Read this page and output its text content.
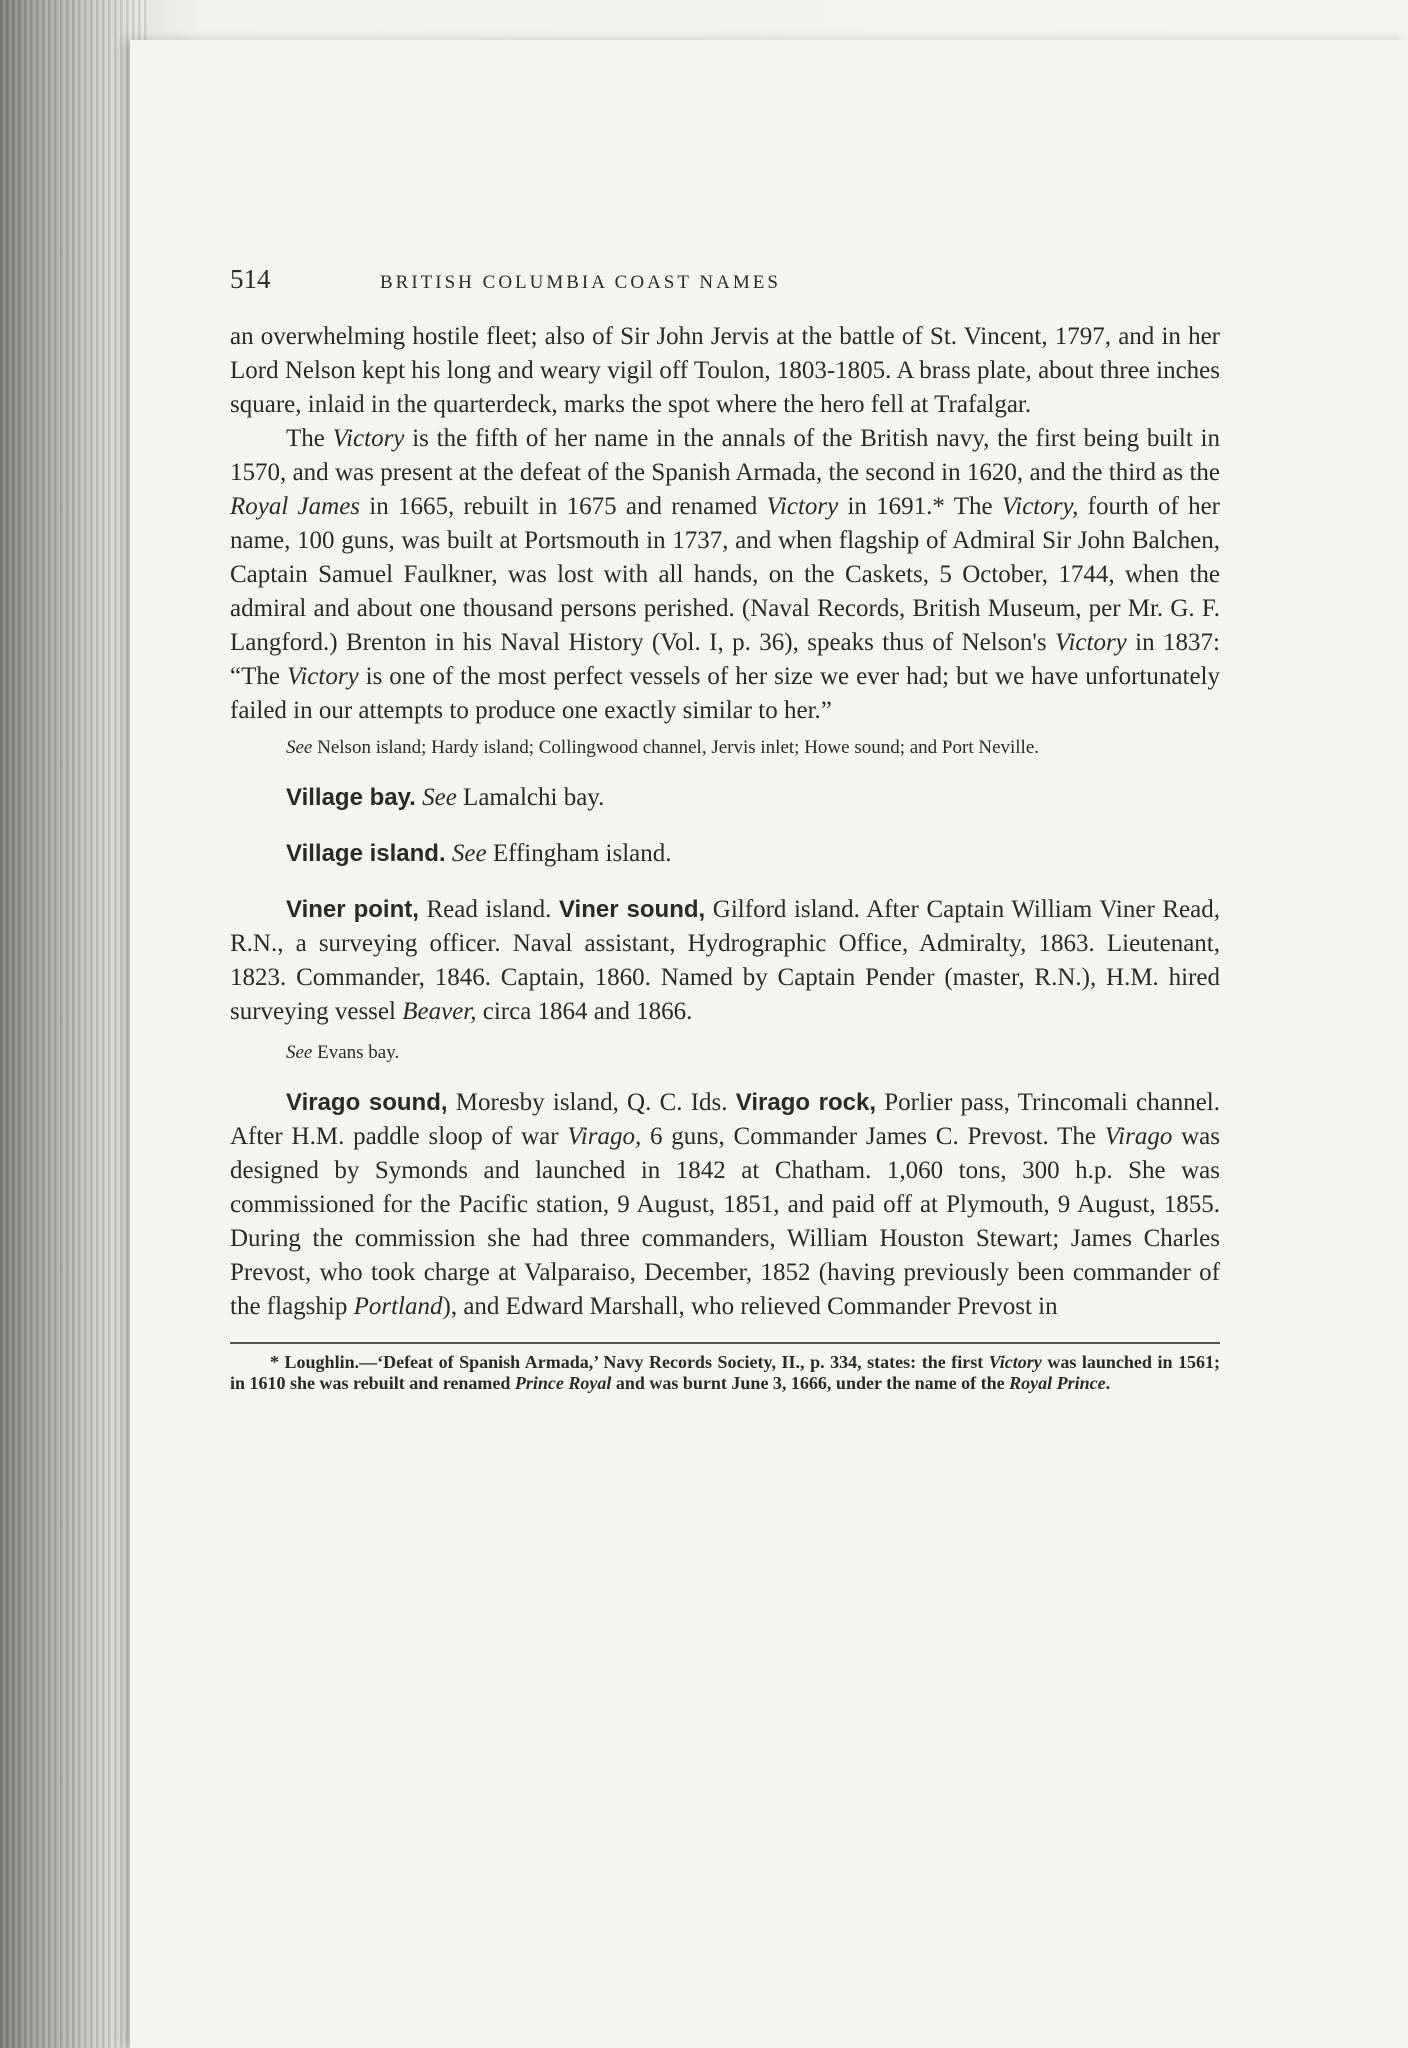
514	BRITISH COLUMBIA COAST NAMES

an overwhelming hostile fleet; also of Sir John Jervis at the battle of St. Vincent, 1797, and in her Lord Nelson kept his long and weary vigil off Toulon, 1803-1805. A brass plate, about three inches square, inlaid in the quarterdeck, marks the spot where the hero fell at Trafalgar.

The Victory is the fifth of her name in the annals of the British navy, the first being built in 1570, and was present at the defeat of the Spanish Armada, the second in 1620, and the third as the Royal James in 1665, rebuilt in 1675 and renamed Victory in 1691.* The Victory, fourth of her name, 100 guns, was built at Portsmouth in 1737, and when flagship of Admiral Sir John Balchen, Captain Samuel Faulkner, was lost with all hands, on the Caskets, 5 October, 1744, when the admiral and about one thousand persons perished. (Naval Records, British Museum, per Mr. G. F. Langford.) Brenton in his Naval History (Vol. I, p. 36), speaks thus of Nelson's Victory in 1837: “The Victory is one of the most perfect vessels of her size we ever had; but we have unfortunately failed in our attempts to produce one exactly similar to her.”

See Nelson island; Hardy island; Collingwood channel, Jervis inlet; Howe sound; and Port Neville.

Village bay. See Lamalchi bay.

Village island. See Effingham island.

Viner point, Read island. Viner sound, Gilford island. After Captain William Viner Read, R.N., a surveying officer. Naval assistant, Hydrographic Office, Admiralty, 1863. Lieutenant, 1823. Commander, 1846. Captain, 1860. Named by Captain Pender (master, R.N.), H.M. hired surveying vessel Beaver, circa 1864 and 1866.

See Evans bay.

Virago sound, Moresby island, Q. C. Ids. Virago rock, Porlier pass, Trincomali channel. After H.M. paddle sloop of war Virago, 6 guns, Commander James C. Prevost. The Virago was designed by Symonds and launched in 1842 at Chatham. 1,060 tons, 300 h.p. She was commissioned for the Pacific station, 9 August, 1851, and paid off at Plymouth, 9 August, 1855. During the commission she had three commanders, William Houston Stewart; James Charles Prevost, who took charge at Valparaiso, December, 1852 (having previously been commander of the flagship Portland), and Edward Marshall, who relieved Commander Prevost in

* Loughlin.—‘Defeat of Spanish Armada,’ Navy Records Society, II., p. 334, states: the first Victory was launched in 1561; in 1610 she was rebuilt and renamed Prince Royal and was burnt June 3, 1666, under the name of the Royal Prince.
